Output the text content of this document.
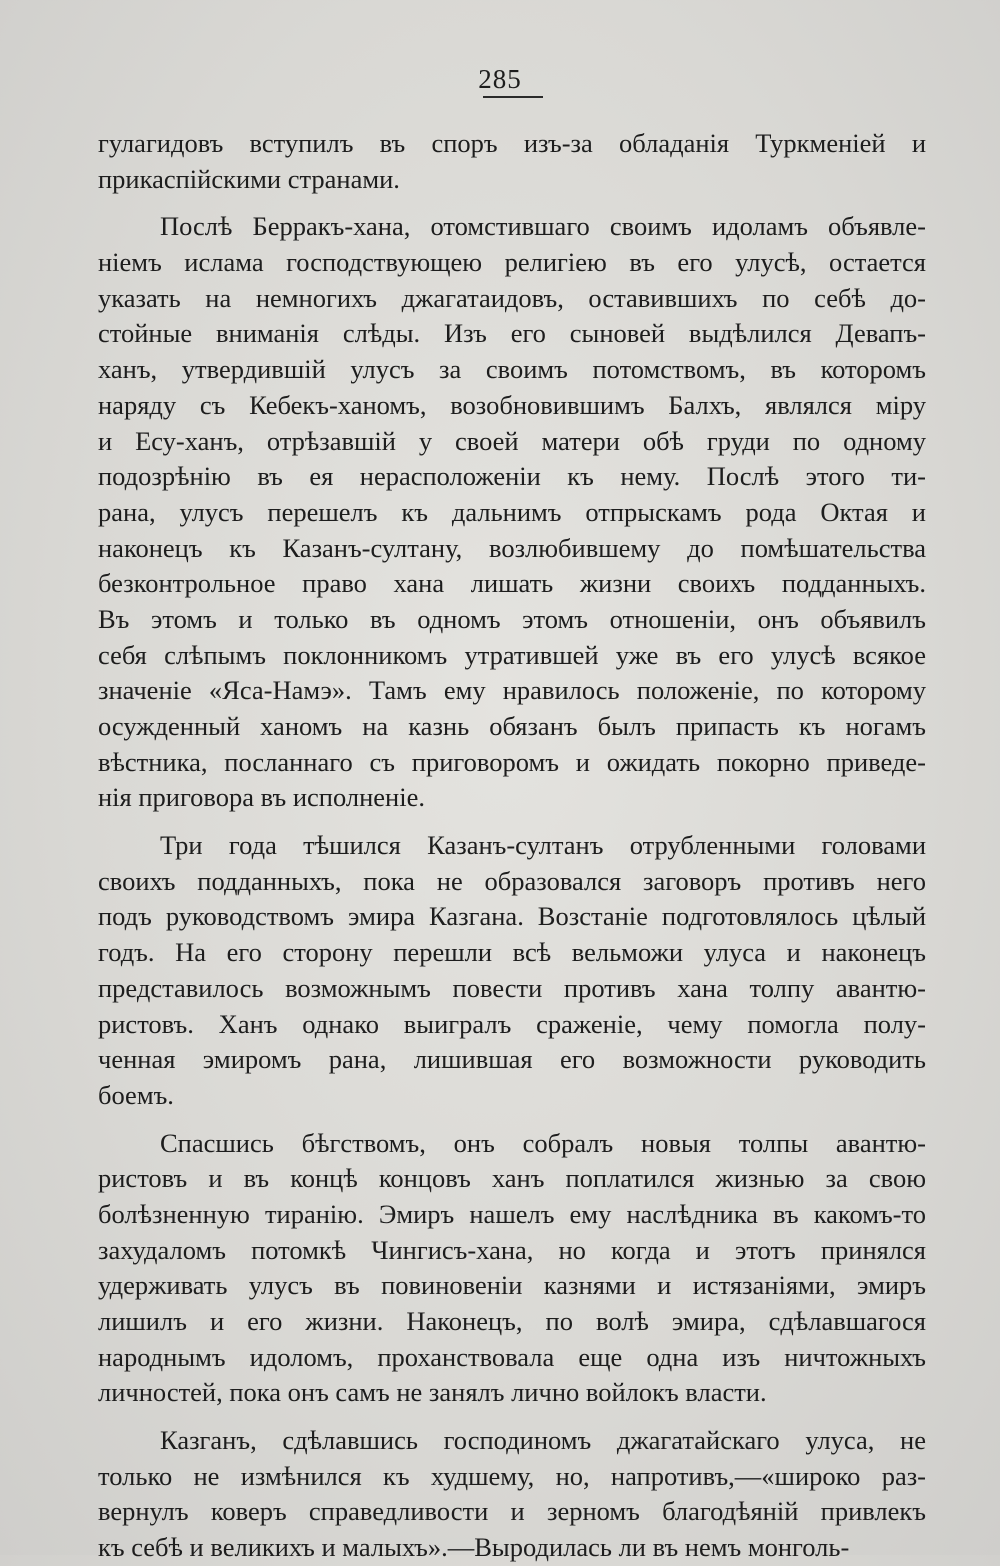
285
гулагидовъ вступилъ въ споръ изъ-за обладанія Туркменіей и
прикаспійскими странами.
Послѣ Берракъ-хана, отомстившаго своимъ идоламъ объявле-
ніемъ ислама господствующею религіею въ его улусѣ, остается
указать на немногихъ джагатаидовъ, оставившихъ по себѣ до-
стойные вниманія слѣды. Изъ его сыновей выдѣлился Девапъ-
ханъ, утвердившій улусъ за своимъ потомствомъ, въ которомъ
наряду съ Кебекъ-ханомъ, возобновившимъ Балхъ, являлся міру
и Есу-ханъ, отрѣзавшій у своей матери обѣ груди по одному
подозрѣнію въ ея нерасположеніи къ нему. Послѣ этого ти-
рана, улусъ перешелъ къ дальнимъ отпрыскамъ рода Октая и
наконецъ къ Казанъ-султану, возлюбившему до помѣшательства
безконтрольное право хана лишать жизни своихъ подданныхъ.
Въ этомъ и только въ одномъ этомъ отношеніи, онъ объявилъ
себя слѣпымъ поклонникомъ утратившей уже въ его улусѣ всякое
значеніе «Яса-Намэ». Тамъ ему нравилось положеніе, по которому
осужденный ханомъ на казнь обязанъ былъ припасть къ ногамъ
вѣстника, посланнаго съ приговоромъ и ожидать покорно приведе-
нія приговора въ исполненіе.
Три года тѣшился Казанъ-султанъ отрубленными головами
своихъ подданныхъ, пока не образовался заговоръ противъ него
подъ руководствомъ эмира Казгана. Возстаніе подготовлялось цѣлый
годъ. На его сторону перешли всѣ вельможи улуса и наконецъ
представилось возможнымъ повести противъ хана толпу авантю-
ристовъ. Ханъ однако выигралъ сраженіе, чему помогла полу-
ченная эмиромъ рана, лишившая его возможности руководить
боемъ.
Спасшись бѣгствомъ, онъ собралъ новыя толпы авантю-
ристовъ и въ концѣ концовъ ханъ поплатился жизнью за свою
болѣзненную тиранію. Эмиръ нашелъ ему наслѣдника въ какомъ-то
захудаломъ потомкѣ Чингисъ-хана, но когда и этотъ принялся
удерживать улусъ въ повиновеніи казнями и истязаніями, эмиръ
лишилъ и его жизни. Наконецъ, по волѣ эмира, сдѣлавшагося
народнымъ идоломъ, проханствовала еще одна изъ ничтожныхъ
личностей, пока онъ самъ не занялъ лично войлокъ власти.
Казганъ, сдѣлавшись господиномъ джагатайскаго улуса, не
только не измѣнился къ худшему, но, напротивъ,—«широко раз-
вернулъ коверъ справедливости и зерномъ благодѣяній привлекъ
къ себѣ и великихъ и малыхъ».—Выродилась ли въ немъ монголь-
